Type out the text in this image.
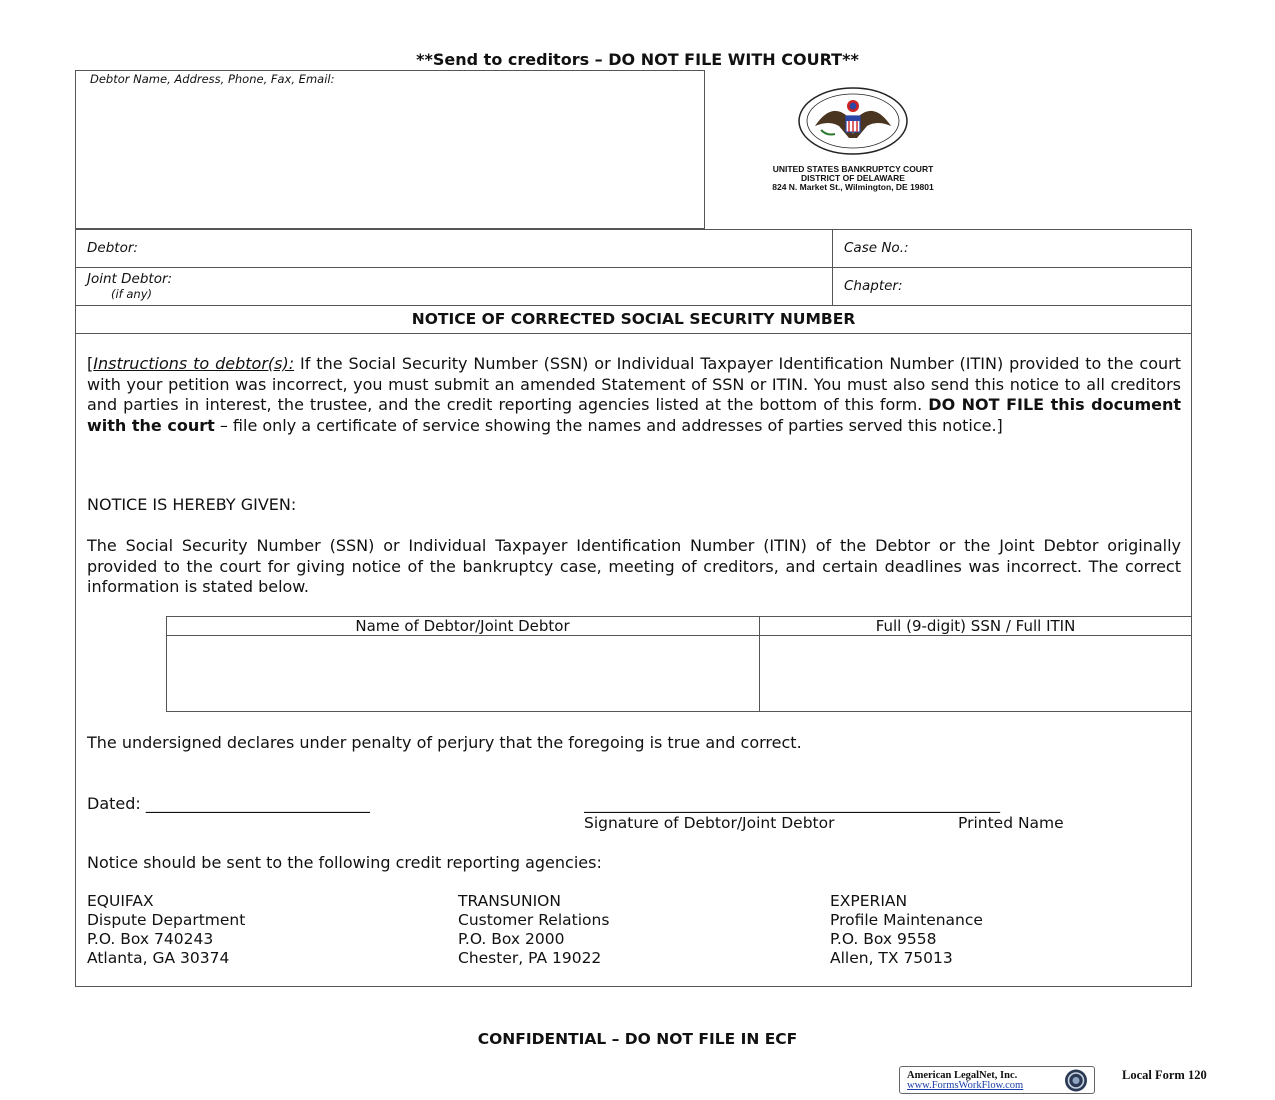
**Send to creditors – DO NOT FILE WITH COURT**
Debtor Name, Address, Phone, Fax, Email:
UNITED STATES BANKRUPTCY COURT
DISTRICT OF DELAWARE
824 N. Market St., Wilmington, DE 19801
Debtor:	Case No.:
Joint Debtor:
(if any)	Chapter:
NOTICE OF CORRECTED SOCIAL SECURITY NUMBER
[Instructions to debtor(s): If the Social Security Number (SSN) or Individual Taxpayer Identification Number (ITIN) provided to the court with your petition was incorrect, you must submit an amended Statement of SSN or ITIN. You must also send this notice to all creditors and parties in interest, the trustee, and the credit reporting agencies listed at the bottom of this form. DO NOT FILE this document with the court – file only a certificate of service showing the names and addresses of parties served this notice.]
NOTICE IS HEREBY GIVEN:
The Social Security Number (SSN) or Individual Taxpayer Identification Number (ITIN) of the Debtor or the Joint Debtor originally provided to the court for giving notice of the bankruptcy case, meeting of creditors, and certain deadlines was incorrect. The correct information is stated below.
Name of Debtor/Joint Debtor	Full (9-digit) SSN / Full ITIN
The undersigned declares under penalty of perjury that the foregoing is true and correct.
Dated: ____________________________	____________________________________________________
Signature of Debtor/Joint Debtor	Printed Name
Notice should be sent to the following credit reporting agencies:
EQUIFAX
Dispute Department
P.O. Box 740243
Atlanta, GA 30374
TRANSUNION
Customer Relations
P.O. Box 2000
Chester, PA 19022
EXPERIAN
Profile Maintenance
P.O. Box 9558
Allen, TX 75013
CONFIDENTIAL – DO NOT FILE IN ECF
American LegalNet, Inc.
www.FormsWorkFlow.com
Local Form 120
